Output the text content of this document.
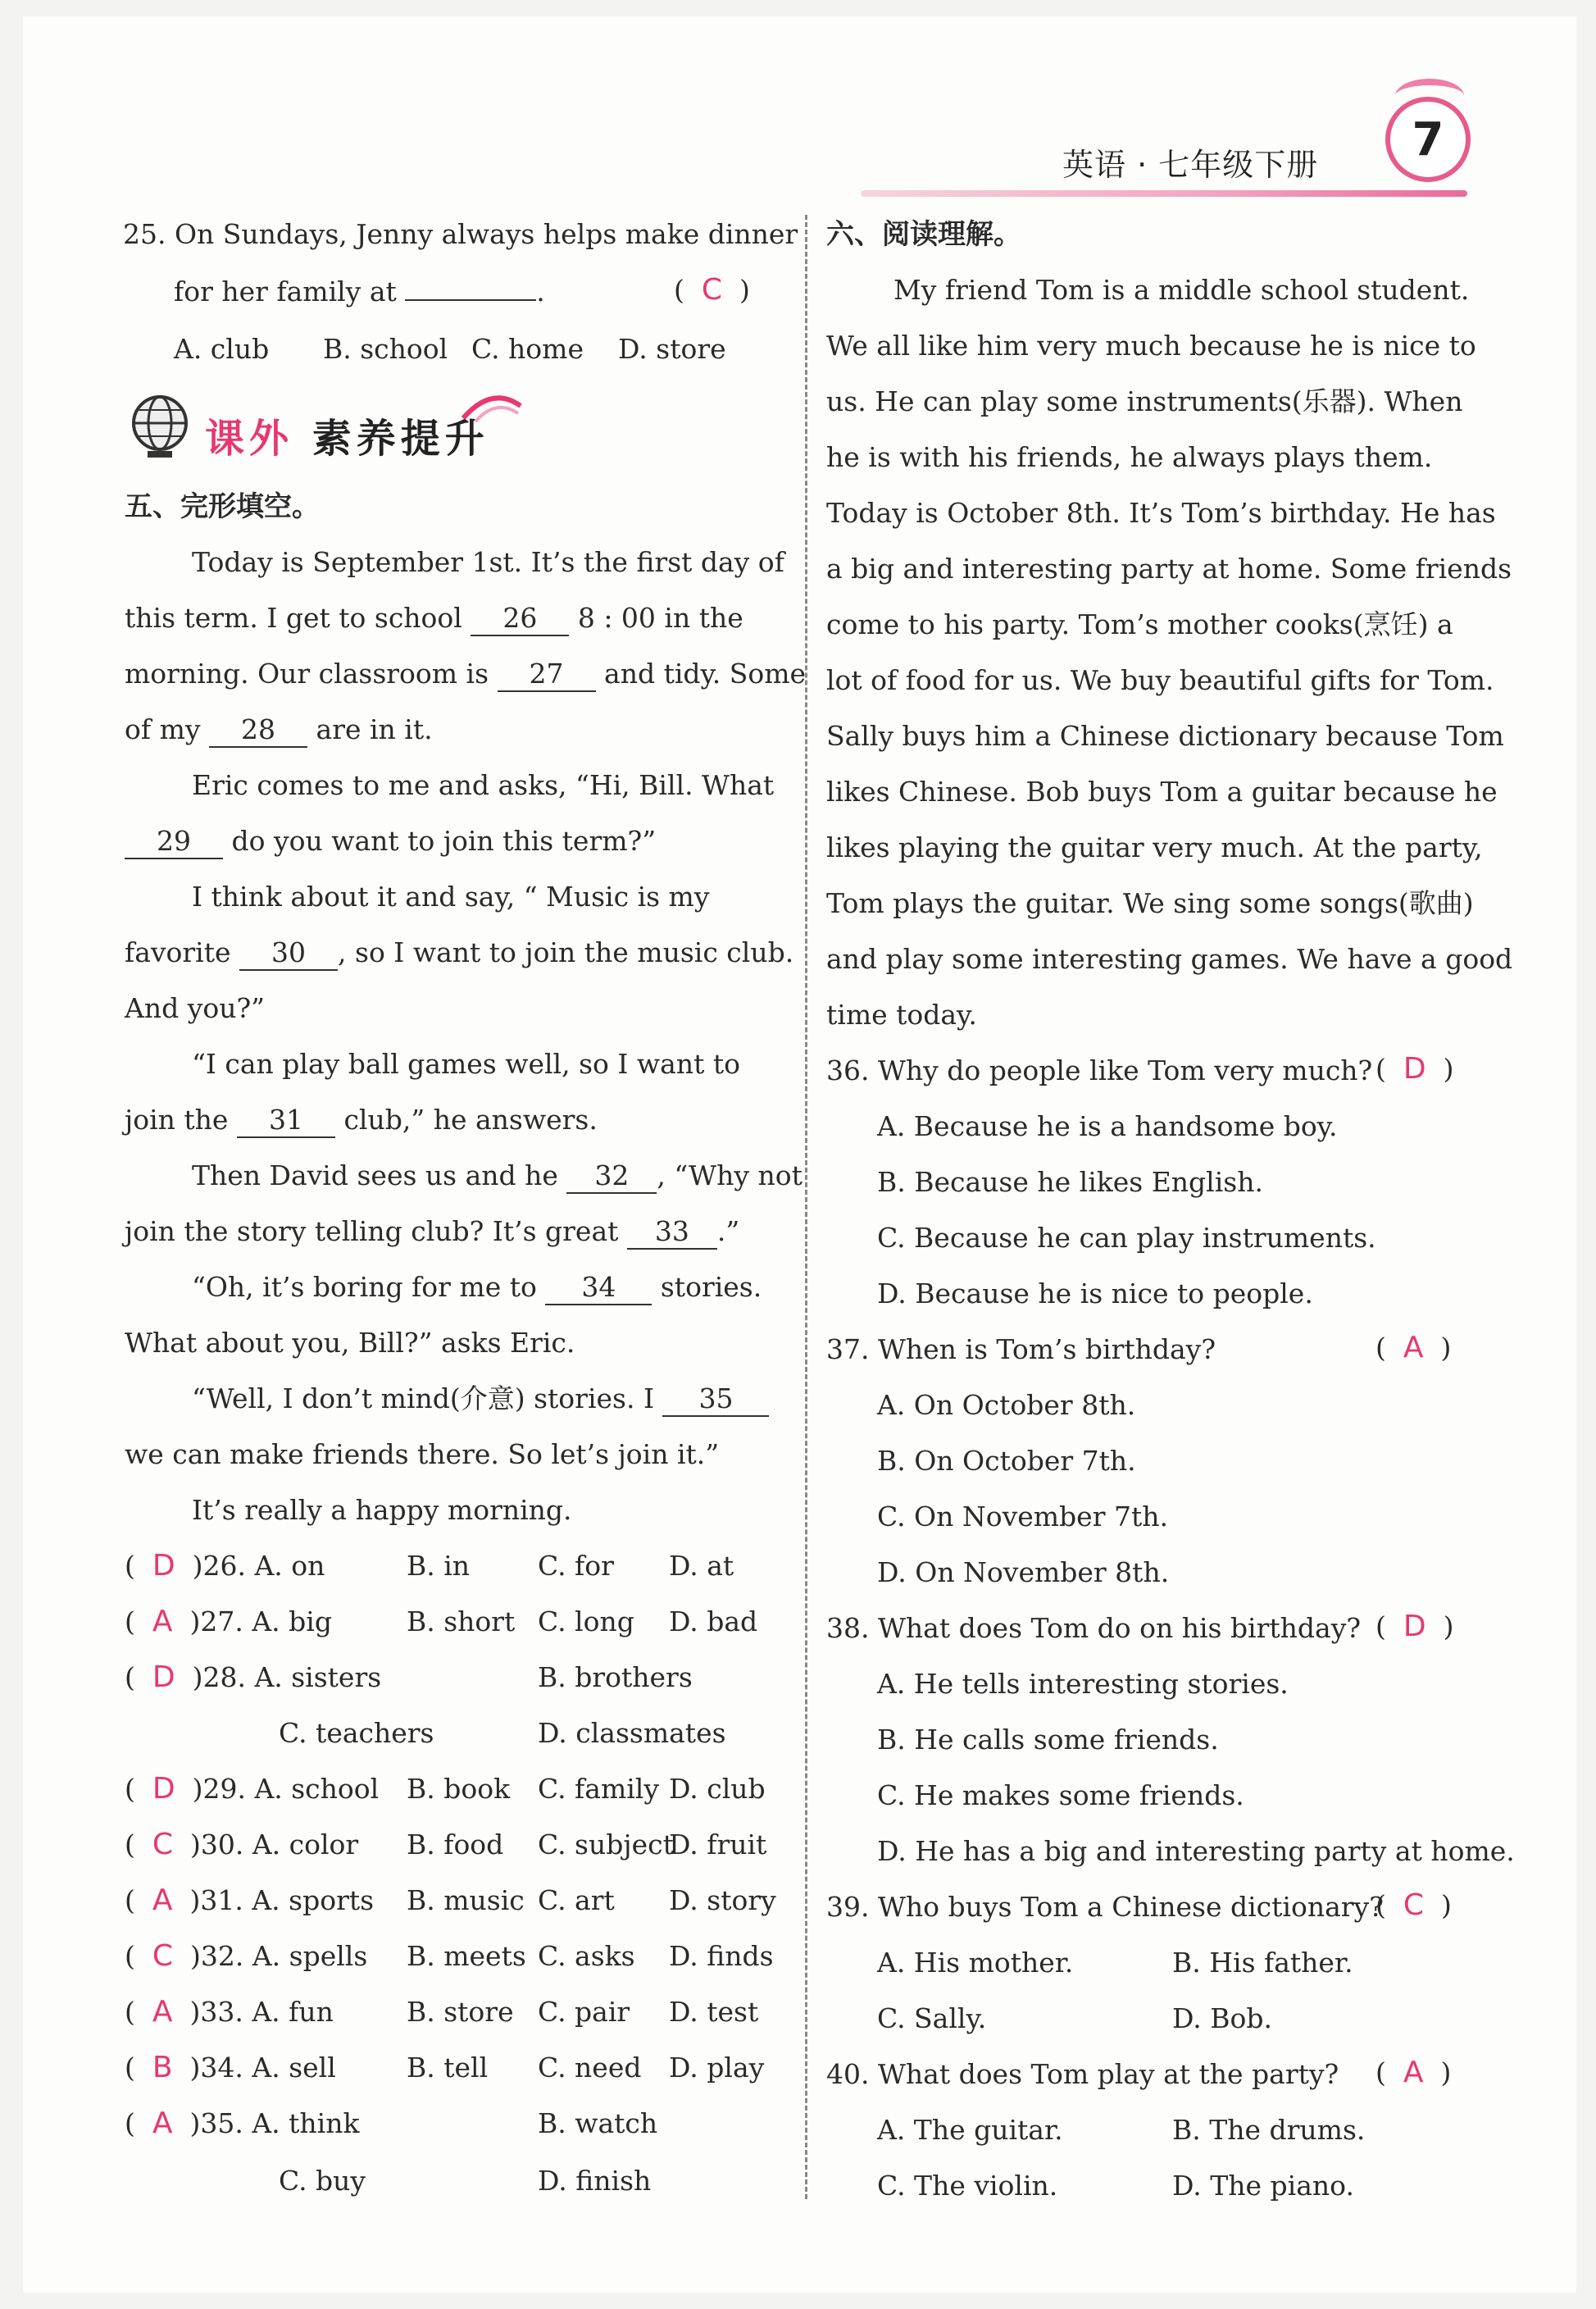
英语 · 七年级下册	7
25. On Sundays, Jenny always helps make dinner
for her family at	.	(  C  )
A. club B. school C. home D. store
课外 素养提升
五、完形填空。
Today is September 1st. It’s the first day of
this term. I get to school 26 8 : 00 in the
morning. Our classroom is 27 and tidy. Some
of my 28 are in it.
Eric comes to me and asks, “Hi, Bill. What
29 do you want to join this term?”
I think about it and say, “ Music is my
favorite 30 , so I want to join the music club.
And you?”
“I can play ball games well, so I want to
join the 31 club,” he answers.
Then David sees us and he 32 , “Why not
join the story telling club? It’s great 33 .”
“Oh, it’s boring for me to 34 stories.
What about you, Bill?” asks Eric.
“Well, I don’t mind(介意) stories. I 35
we can make friends there. So let’s join it.”
It’s really a happy morning.
(  D )26. A. on	B. in	C. for D. at
(  A )27. A. big	B. short C. long D. bad
(  D )28. A. sisters	B. brothers
C. teachers	D. classmates
(  D )29. A. school B. book C. family D. club
(  C )30. A. color B. food C. subject
D. fruit
(  A )31. A. sports B. music C. art D. story
(  C )32. A. spells B. meets C. asks D. finds
(  A )33. A. fun	B. store C. pair D. test
(  B )34. A. sell	B. tell C. need D. play
(  A )35. A. think	B. watch
C. buy	D. finish
六、阅读理解。
My friend Tom is a middle school student.
We all like him very much because he is nice to
us. He can play some instruments(乐器). When
he is with his friends, he always plays them.
Today is October 8th. It’s Tom’s birthday. He has
a big and interesting party at home. Some friends
come to his party. Tom’s mother cooks(烹饪) a
lot of food for us. We buy beautiful gifts for Tom.
Sally buys him a Chinese dictionary because Tom
likes Chinese. Bob buys Tom a guitar because he
likes playing the guitar very much. At the party,
Tom plays the guitar. We sing some songs(歌曲)
and play some interesting games. We have a good
time today.
36. Why do people like Tom very much? (  D  )
A. Because he is a handsome boy.
B. Because he likes English.
C. Because he can play instruments.
D. Because he is nice to people.
37. When is Tom’s birthday?	(  A  )
A. On October 8th.
B. On October 7th.
C. On November 7th.
D. On November 8th.
38. What does Tom do on his birthday? (  D  )
A. He tells interesting stories.
B. He calls some friends.
C. He makes some friends.
D. He has a big and interesting party at home.
39. Who buys Tom a Chinese dictionary?
(  C  )
A. His mother.	B. His father.
C. Sally.	D. Bob.
40. What does Tom play at the party? (  A  )
A. The guitar.	B. The drums.
C. The violin.	D. The piano.
